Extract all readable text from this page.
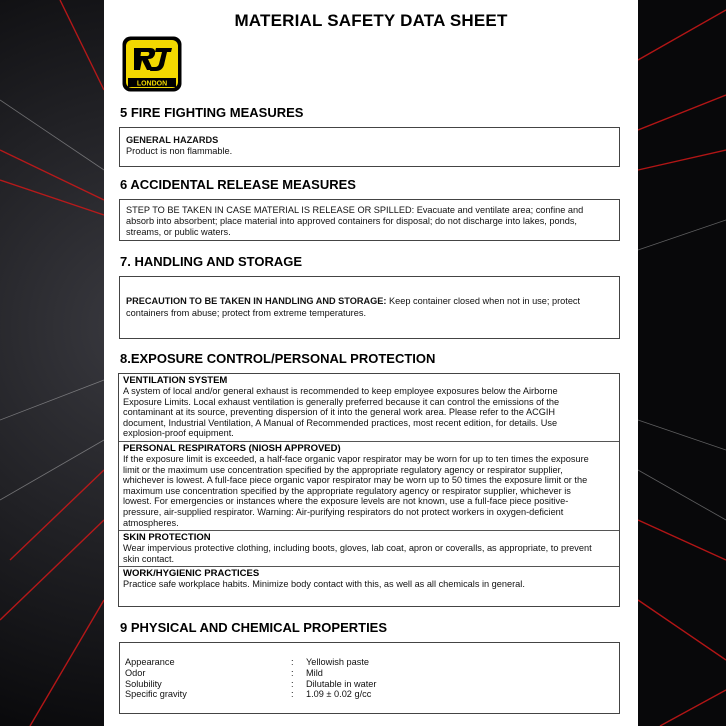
MATERIAL SAFETY DATA SHEET
LONDON
5 FIRE FIGHTING MEASURES
GENERAL HAZARDS
Product is non flammable.
6 ACCIDENTAL RELEASE MEASURES
STEP TO BE TAKEN IN CASE MATERIAL IS RELEASE OR SPILLED: Evacuate and ventilate area; confine and
absorb into absorbent; place material into approved containers for disposal; do not discharge into lakes, ponds,
streams, or public waters.
7. HANDLING AND STORAGE
PRECAUTION TO BE TAKEN IN HANDLING AND STORAGE: Keep container closed when not in use; protect
containers from abuse; protect from extreme temperatures.
8.EXPOSURE CONTROL/PERSONAL PROTECTION
VENTILATION SYSTEM
A system of local and/or general exhaust is recommended to keep employee exposures below the Airborne
Exposure Limits. Local exhaust ventilation is generally preferred because it can control the emissions of the
contaminant at its source, preventing dispersion of it into the general work area. Please refer to the ACGIH
document, Industrial Ventilation, A Manual of Recommended practices, most recent edition, for details. Use
explosion-proof equipment.
PERSONAL RESPIRATORS (NIOSH APPROVED)
If the exposure limit is exceeded, a half-face organic vapor respirator may be worn for up to ten times the exposure
limit or the maximum use concentration specified by the appropriate regulatory agency or respirator supplier,
whichever is lowest. A full-face piece organic vapor respirator may be worn up to 50 times the exposure limit or the
maximum use concentration specified by the appropriate regulatory agency or respirator supplier, whichever is
lowest. For emergencies or instances where the exposure levels are not known, use a full-face piece positive-
pressure, air-supplied respirator. Warning: Air-purifying respirators do not protect workers in oxygen-deficient
atmospheres.
SKIN PROTECTION
Wear impervious protective clothing, including boots, gloves, lab coat, apron or coveralls, as appropriate, to prevent
skin contact.
WORK/HYGIENIC PRACTICES
Practice safe workplace habits. Minimize body contact with this, as well as all chemicals in general.
9 PHYSICAL AND CHEMICAL PROPERTIES
Appearance	:	Yellowish paste
Odor	:	Mild
Solubility	:	Dilutable in water
Specific gravity	:	1.09 ± 0.02 g/cc
